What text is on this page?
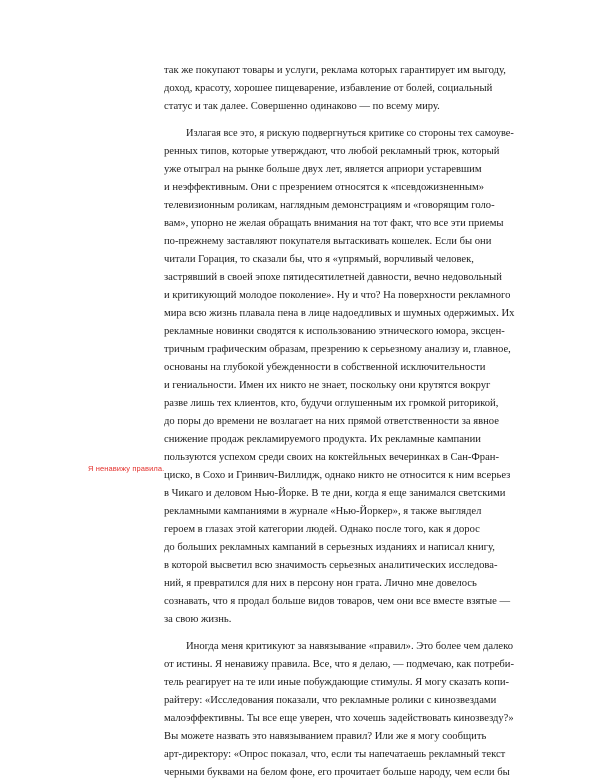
Я ненавижу правила.

так же покупают товары и услуги, реклама которых гарантирует им выгоду,
доход, красоту, хорошее пищеварение, избавление от болей, социальный
статус и так далее. Совершенно одинаково — по всему миру.

Излагая все это, я рискую подвергнуться критике со стороны тех самоуве-
ренных типов, которые утверждают, что любой рекламный трюк, который
уже отыграл на рынке больше двух лет, является априори устаревшим
и неэффективным. Они с презрением относятся к «псевдожизненным»
телевизионным роликам, наглядным демонстрациям и «говорящим голо-
вам», упорно не желая обращать внимания на тот факт, что все эти приемы
по-прежнему заставляют покупателя вытаскивать кошелек. Если бы они
читали Горация, то сказали бы, что я «упрямый, ворчливый человек,
застрявший в своей эпохе пятидесятилетней давности, вечно недовольный
и критикующий молодое поколение». Ну и что? На поверхности рекламного
мира всю жизнь плавала пена в лице надоедливых и шумных одержимых. Их
рекламные новинки сводятся к использованию этнического юмора, эксцен-
тричным графическим образам, презрению к серьезному анализу и, главное,
основаны на глубокой убежденности в собственной исключительности
и гениальности. Имен их никто не знает, поскольку они крутятся вокруг
разве лишь тех клиентов, кто, будучи оглушенным их громкой риторикой,
до поры до времени не возлагает на них прямой ответственности за явное
снижение продаж рекламируемого продукта. Их рекламные кампании
пользуются успехом среди своих на коктейльных вечеринках в Сан-Фран-
циско, в Сохо и Гринвич-Виллидж, однако никто не относится к ним всерьез
в Чикаго и деловом Нью-Йорке. В те дни, когда я еще занимался светскими
рекламными кампаниями в журнале «Нью-Йоркер», я также выглядел
героем в глазах этой категории людей. Однако после того, как я дорос
до больших рекламных кампаний в серьезных изданиях и написал книгу,
в которой высветил всю значимость серьезных аналитических исследова-
ний, я превратился для них в персону нон грата. Лично мне довелось
сознавать, что я продал больше видов товаров, чем они все вместе взятые —
за свою жизнь.

Иногда меня критикуют за навязывание «правил». Это более чем далеко
от истины. Я ненавижу правила. Все, что я делаю, — подмечаю, как потреби-
тель реагирует на те или иные побуждающие стимулы. Я могу сказать копи-
райтеру: «Исследования показали, что рекламные ролики с кинозвездами
малоэффективны. Ты все еще уверен, что хочешь задействовать кинозвезду?»
Вы можете назвать это навязыванием правил? Или же я могу сообщить
арт-директору: «Опрос показал, что, если ты напечатаешь рекламный текст
черными буквами на белом фоне, его прочитает больше народу, чем если бы
